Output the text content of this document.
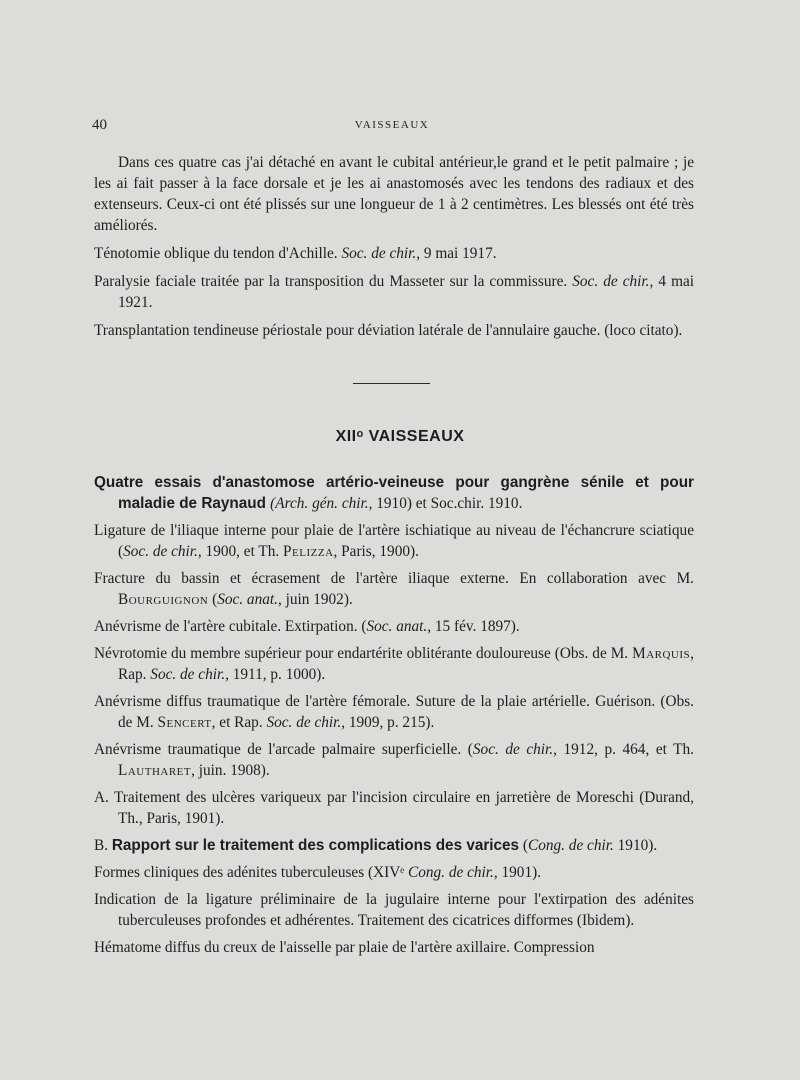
40	VAISSEAUX

Dans ces quatre cas j'ai détaché en avant le cubital antérieur,le grand et le petit palmaire ; je les ai fait passer à la face dorsale et je les ai anastomosés avec les tendons des radiaux et des extenseurs. Ceux-ci ont été plissés sur une longueur de 1 à 2 centimètres. Les blessés ont été très améliorés.

Ténotomie oblique du tendon d'Achille. Soc. de chir., 9 mai 1917.

Paralysie faciale traitée par la transposition du Masseter sur la commissure. Soc. de chir., 4 mai 1921.

Transplantation tendineuse périostale pour déviation latérale de l'annulaire gauche. (loco citato).

XIIᵒ VAISSEAUX

Quatre essais d'anastomose artério-veineuse pour gangrène sénile et pour maladie de Raynaud (Arch. gén. chir., 1910) et Soc.chir. 1910.

Ligature de l'iliaque interne pour plaie de l'artère ischiatique au niveau de l'échancrure sciatique (Soc. de chir., 1900, et Th. Pelizza, Paris, 1900).

Fracture du bassin et écrasement de l'artère iliaque externe. En collaboration avec M. Bourguignon (Soc. anat., juin 1902).

Anévrisme de l'artère cubitale. Extirpation. (Soc. anat., 15 fév. 1897).

Névrotomie du membre supérieur pour endartérite oblitérante douloureuse (Obs. de M. Marquis, Rap. Soc. de chir., 1911, p. 1000).

Anévrisme diffus traumatique de l'artère fémorale. Suture de la plaie artérielle. Guérison. (Obs. de M. Sencert, et Rap. Soc. de chir., 1909, p. 215).

Anévrisme traumatique de l'arcade palmaire superficielle. (Soc. de chir., 1912, p. 464, et Th. Lautharet, juin. 1908).

A. Traitement des ulcères variqueux par l'incision circulaire en jarretière de Moreschi (Durand, Th., Paris, 1901).

B. Rapport sur le traitement des complications des varices (Cong. de chir. 1910).

Formes cliniques des adénites tuberculeuses (XIVᵉ Cong. de chir., 1901).

Indication de la ligature préliminaire de la jugulaire interne pour l'extirpation des adénites tuberculeuses profondes et adhérentes. Traitement des cicatrices difformes (Ibidem).

Hématome diffus du creux de l'aisselle par plaie de l'artère axillaire. Compression
